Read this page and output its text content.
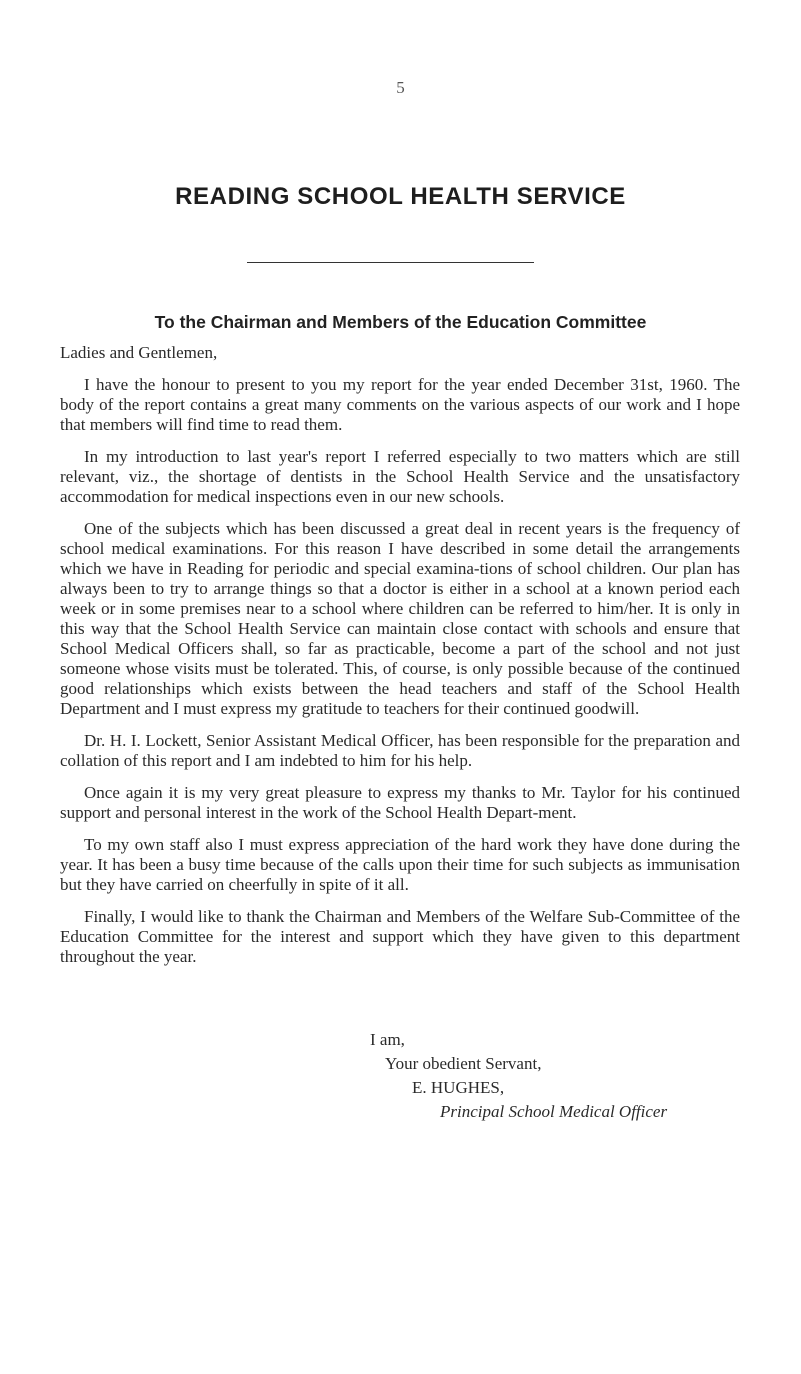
5
READING SCHOOL HEALTH SERVICE
To the Chairman and Members of the Education Committee

Ladies and Gentlemen,

I have the honour to present to you my report for the year ended December 31st, 1960. The body of the report contains a great many comments on the various aspects of our work and I hope that members will find time to read them.

In my introduction to last year's report I referred especially to two matters which are still relevant, viz., the shortage of dentists in the School Health Service and the unsatisfactory accommodation for medical inspections even in our new schools.

One of the subjects which has been discussed a great deal in recent years is the frequency of school medical examinations. For this reason I have described in some detail the arrangements which we have in Reading for periodic and special examina-tions of school children. Our plan has always been to try to arrange things so that a doctor is either in a school at a known period each week or in some premises near to a school where children can be referred to him/her. It is only in this way that the School Health Service can maintain close contact with schools and ensure that School Medical Officers shall, so far as practicable, become a part of the school and not just someone whose visits must be tolerated. This, of course, is only possible because of the continued good relationships which exists between the head teachers and staff of the School Health Department and I must express my gratitude to teachers for their continued goodwill.

Dr. H. I. Lockett, Senior Assistant Medical Officer, has been responsible for the preparation and collation of this report and I am indebted to him for his help.

Once again it is my very great pleasure to express my thanks to Mr. Taylor for his continued support and personal interest in the work of the School Health Depart-ment.

To my own staff also I must express appreciation of the hard work they have done during the year. It has been a busy time because of the calls upon their time for such subjects as immunisation but they have carried on cheerfully in spite of it all.

Finally, I would like to thank the Chairman and Members of the Welfare Sub-Committee of the Education Committee for the interest and support which they have given to this department throughout the year.

I am,
Your obedient Servant,
E. HUGHES,
Principal School Medical Officer
